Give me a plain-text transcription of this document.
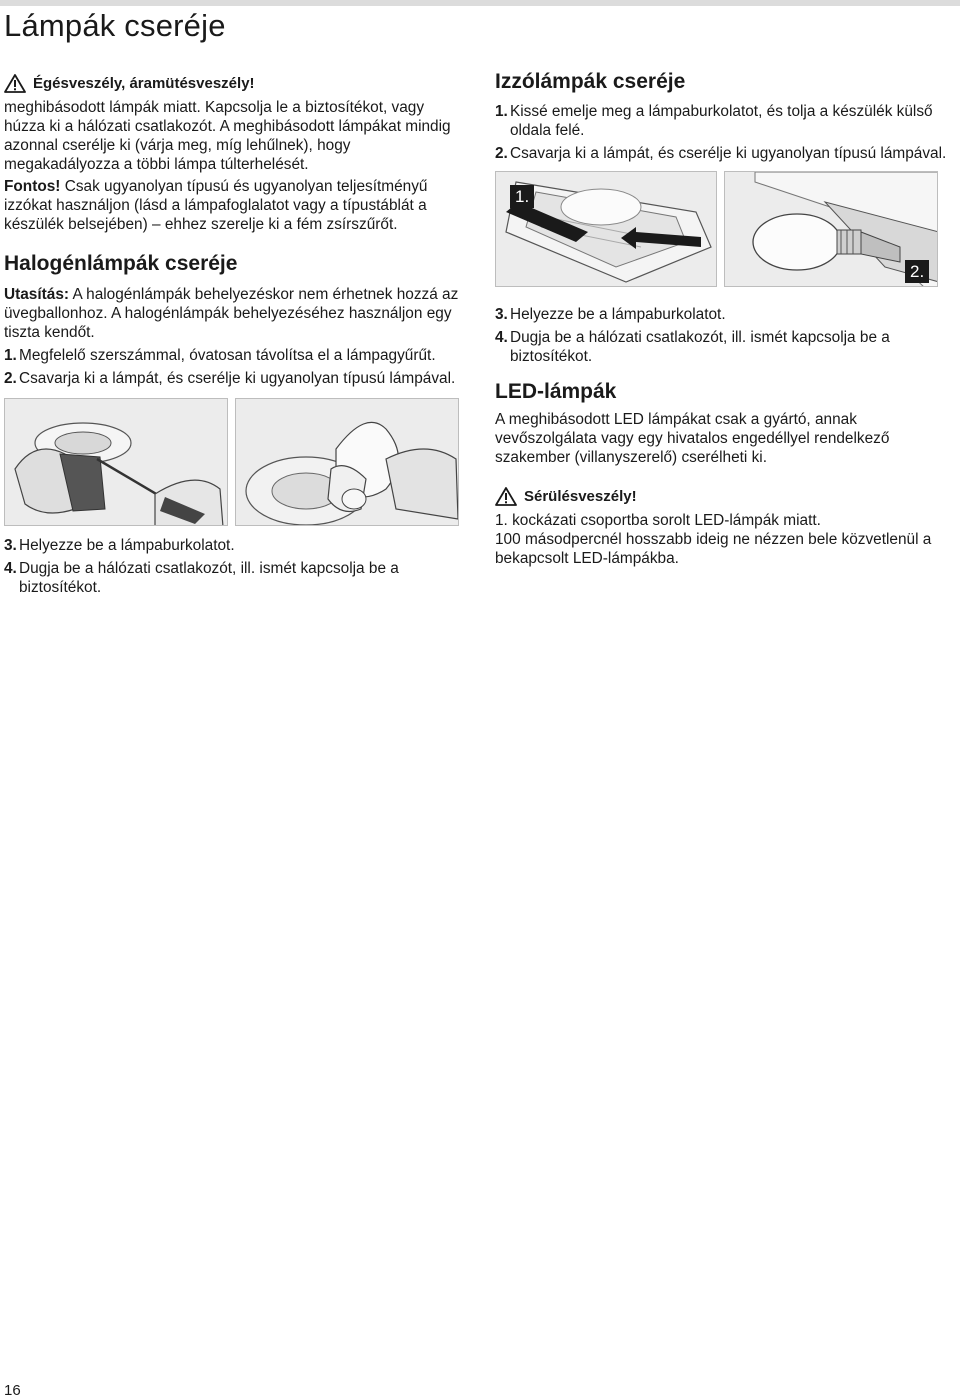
Lámpák cseréje
Égésveszély, áramütésveszély!

meghibásodott lámpák miatt. Kapcsolja le a biztosítékot, vagy húzza ki a hálózati csatlakozót. A meghibásodott lámpákat mindig azonnal cserélje ki (várja meg, míg lehűlnek), hogy megakadályozza a többi lámpa túlterhelését.

Fontos! Csak ugyanolyan típusú és ugyanolyan teljesítményű izzókat használjon (lásd a lámpafoglalatot vagy a típustáblát a készülék belsejében) – ehhez szerelje ki a fém zsírszűrőt.

Halogénlámpák cseréje

Utasítás: A halogénlámpák behelyezéskor nem érhetnek hozzá az üvegballonhoz. A halogénlámpák behelyezéséhez használjon egy tiszta kendőt.

1. Megfelelő szerszámmal, óvatosan távolítsa el a lámpagyűrűt.
2. Csavarja ki a lámpát, és cserélje ki ugyanolyan típusú lámpával.
3. Helyezze be a lámpaburkolatot.
4. Dugja be a hálózati csatlakozót, ill. ismét kapcsolja be a biztosítékot.
Izzólámpák cseréje
1. Kissé emelje meg a lámpaburkolatot, és tolja a készülék külső oldala felé.
2. Csavarja ki a lámpát, és cserélje ki ugyanolyan típusú lámpával.
1.
2.
3. Helyezze be a lámpaburkolatot.
4. Dugja be a hálózati csatlakozót, ill. ismét kapcsolja be a biztosítékot.
LED-lámpák

A meghibásodott LED lámpákat csak a gyártó, annak vevőszolgálata vagy egy hivatalos engedéllyel rendelkező szakember (villanyszerelő) cserélheti ki.

Sérülésveszély!

1. kockázati csoportba sorolt LED-lámpák miatt.

100 másodpercnél hosszabb ideig ne nézzen bele közvetlenül a bekapcsolt LED-lámpákba.

16
